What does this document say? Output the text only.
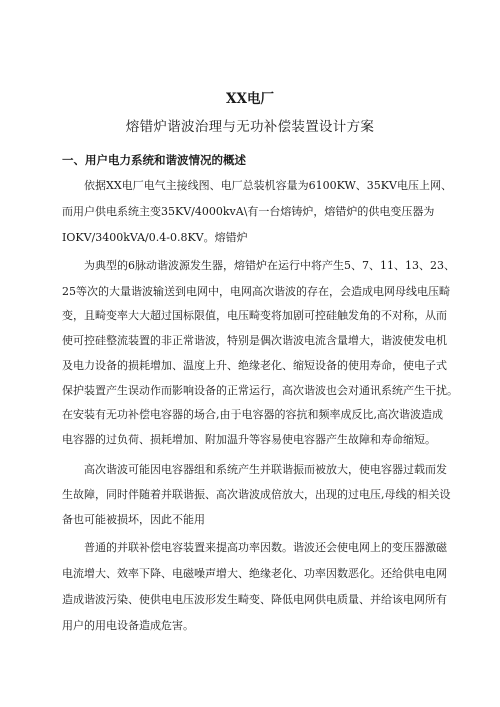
XX电厂
熔错炉谐波治理与无功补偿装置设计方案
一、用户电力系统和谐波情况的概述
依据XX电厂电气主接线图、电厂总装机容量为6100KW、35KV电压上网、
而用户供电系统主变35KV/4000kvA\有一台熔铸炉，熔错炉的供电变压器为
IOKV/3400kVA/0.4-0.8KV。熔错炉
为典型的6脉动谐波源发生器，熔错炉在运行中将产生5、7、11、13、23、
25等次的大量谐波输送到电网中，电网高次谐波的存在，会造成电网母线电压畸
变，且畸变率大大超过国标限值，电压畸变将加剧可控硅触发角的不对称，从而
使可控硅整流装置的非正常谐波，特别是偶次谐波电流含量增大，谐波使发电机
及电力设备的损耗增加、温度上升、绝缘老化、缩短设备的使用寿命，使电子式
保护装置产生误动作而影响设备的正常运行，高次谐波也会对通讯系统产生干扰。
在安装有无功补偿电容器的场合,由于电容器的容抗和频率成反比,高次谐波造成
电容器的过负荷、损耗增加、附加温升等容易使电容器产生故障和寿命缩短。
高次谐波可能因电容器组和系统产生并联谐振而被放大，使电容器过载而发
生故障，同时伴随着并联谐振、高次谐波成倍放大，出现的过电压,母线的相关设
备也可能被损坏，因此不能用
普通的并联补偿电容装置来提高功率因数。谐波还会使电网上的变压器激磁
电流增大、效率下降、电磁噪声增大、绝缘老化、功率因数恶化。还给供电电网
造成谐波污染、使供电电压波形发生畸变、降低电网供电质量、并给该电网所有
用户的用电设备造成危害。
